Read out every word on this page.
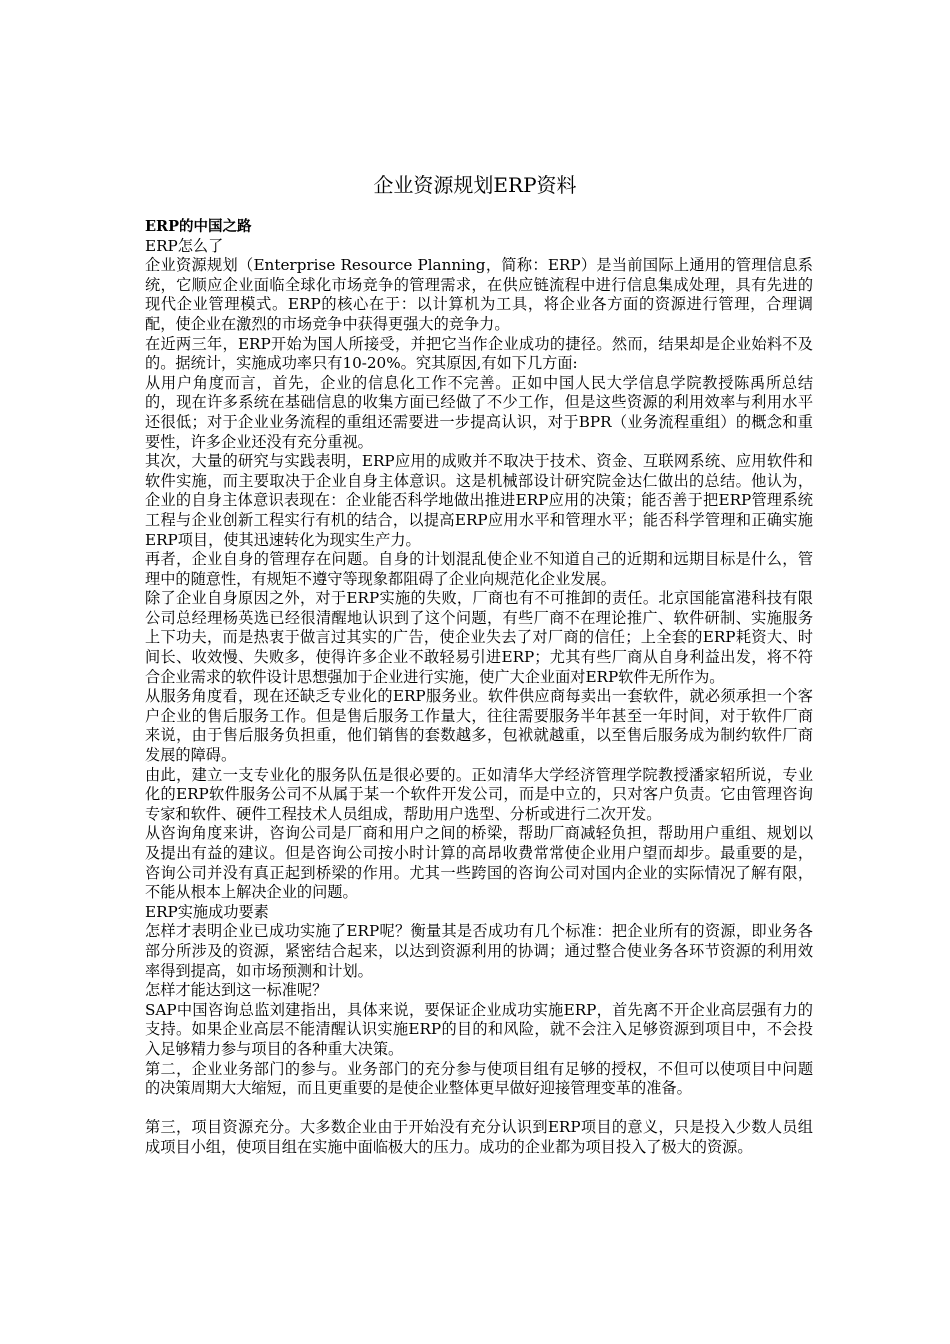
企业资源规划ERP资料

ERP的中国之路

ERP怎么了

企业资源规划（Enterprise Resource Planning，简称：ERP）是当前国际上通用的管理信息系统，它顺应企业面临全球化市场竞争的管理需求，在供应链流程中进行信息集成处理，具有先进的现代企业管理模式。ERP的核心在于：以计算机为工具，将企业各方面的资源进行管理，合理调配，使企业在激烈的市场竞争中获得更强大的竞争力。

在近两三年，ERP开始为国人所接受，并把它当作企业成功的捷径。然而，结果却是企业始料不及的。据统计，实施成功率只有10-20%。究其原因,有如下几方面:

从用户角度而言，首先，企业的信息化工作不完善。正如中国人民大学信息学院教授陈禹所总结的，现在许多系统在基础信息的收集方面已经做了不少工作，但是这些资源的利用效率与利用水平还很低；对于企业业务流程的重组还需要进一步提高认识，对于BPR（业务流程重组）的概念和重要性，许多企业还没有充分重视。

其次，大量的研究与实践表明，ERP应用的成败并不取决于技术、资金、互联网系统、应用软件和软件实施，而主要取决于企业自身主体意识。这是机械部设计研究院金达仁做出的总结。他认为，企业的自身主体意识表现在：企业能否科学地做出推进ERP应用的决策；能否善于把ERP管理系统工程与企业创新工程实行有机的结合，以提高ERP应用水平和管理水平；能否科学管理和正确实施ERP项目，使其迅速转化为现实生产力。

再者，企业自身的管理存在问题。自身的计划混乱使企业不知道自己的近期和远期目标是什么，管理中的随意性，有规矩不遵守等现象都阻碍了企业向规范化企业发展。

除了企业自身原因之外，对于ERP实施的失败，厂商也有不可推卸的责任。北京国能富港科技有限公司总经理杨英选已经很清醒地认识到了这个问题，有些厂商不在理论推广、软件研制、实施服务上下功夫，而是热衷于做言过其实的广告，使企业失去了对厂商的信任；上全套的ERP耗资大、时间长、收效慢、失败多，使得许多企业不敢轻易引进ERP；尤其有些厂商从自身利益出发，将不符合企业需求的软件设计思想强加于企业进行实施，使广大企业面对ERP软件无所作为。

从服务角度看，现在还缺乏专业化的ERP服务业。软件供应商每卖出一套软件，就必须承担一个客户企业的售后服务工作。但是售后服务工作量大，往往需要服务半年甚至一年时间，对于软件厂商来说，由于售后服务负担重，他们销售的套数越多，包袱就越重，以至售后服务成为制约软件厂商发展的障碍。

由此，建立一支专业化的服务队伍是很必要的。正如清华大学经济管理学院教授潘家轺所说，专业化的ERP软件服务公司不从属于某一个软件开发公司，而是中立的，只对客户负责。它由管理咨询专家和软件、硬件工程技术人员组成，帮助用户选型、分析或进行二次开发。

从咨询角度来讲，咨询公司是厂商和用户之间的桥梁，帮助厂商减轻负担，帮助用户重组、规划以及提出有益的建议。但是咨询公司按小时计算的高昂收费常常使企业用户望而却步。最重要的是，咨询公司并没有真正起到桥梁的作用。尤其一些跨国的咨询公司对国内企业的实际情况了解有限，不能从根本上解决企业的问题。

ERP实施成功要素

怎样才表明企业已成功实施了ERP呢？衡量其是否成功有几个标准：把企业所有的资源，即业务各部分所涉及的资源，紧密结合起来，以达到资源利用的协调；通过整合使业务各环节资源的利用效率得到提高，如市场预测和计划。

怎样才能达到这一标准呢？

SAP中国咨询总监刘建指出，具体来说，要保证企业成功实施ERP，首先离不开企业高层强有力的支持。如果企业高层不能清醒认识实施ERP的目的和风险，就不会注入足够资源到项目中，不会投入足够精力参与项目的各种重大决策。

第二，企业业务部门的参与。业务部门的充分参与使项目组有足够的授权，不但可以使项目中问题的决策周期大大缩短，而且更重要的是使企业整体更早做好迎接管理变革的准备。

第三，项目资源充分。大多数企业由于开始没有充分认识到ERP项目的意义，只是投入少数人员组成项目小组，使项目组在实施中面临极大的压力。成功的企业都为项目投入了极大的资源。
